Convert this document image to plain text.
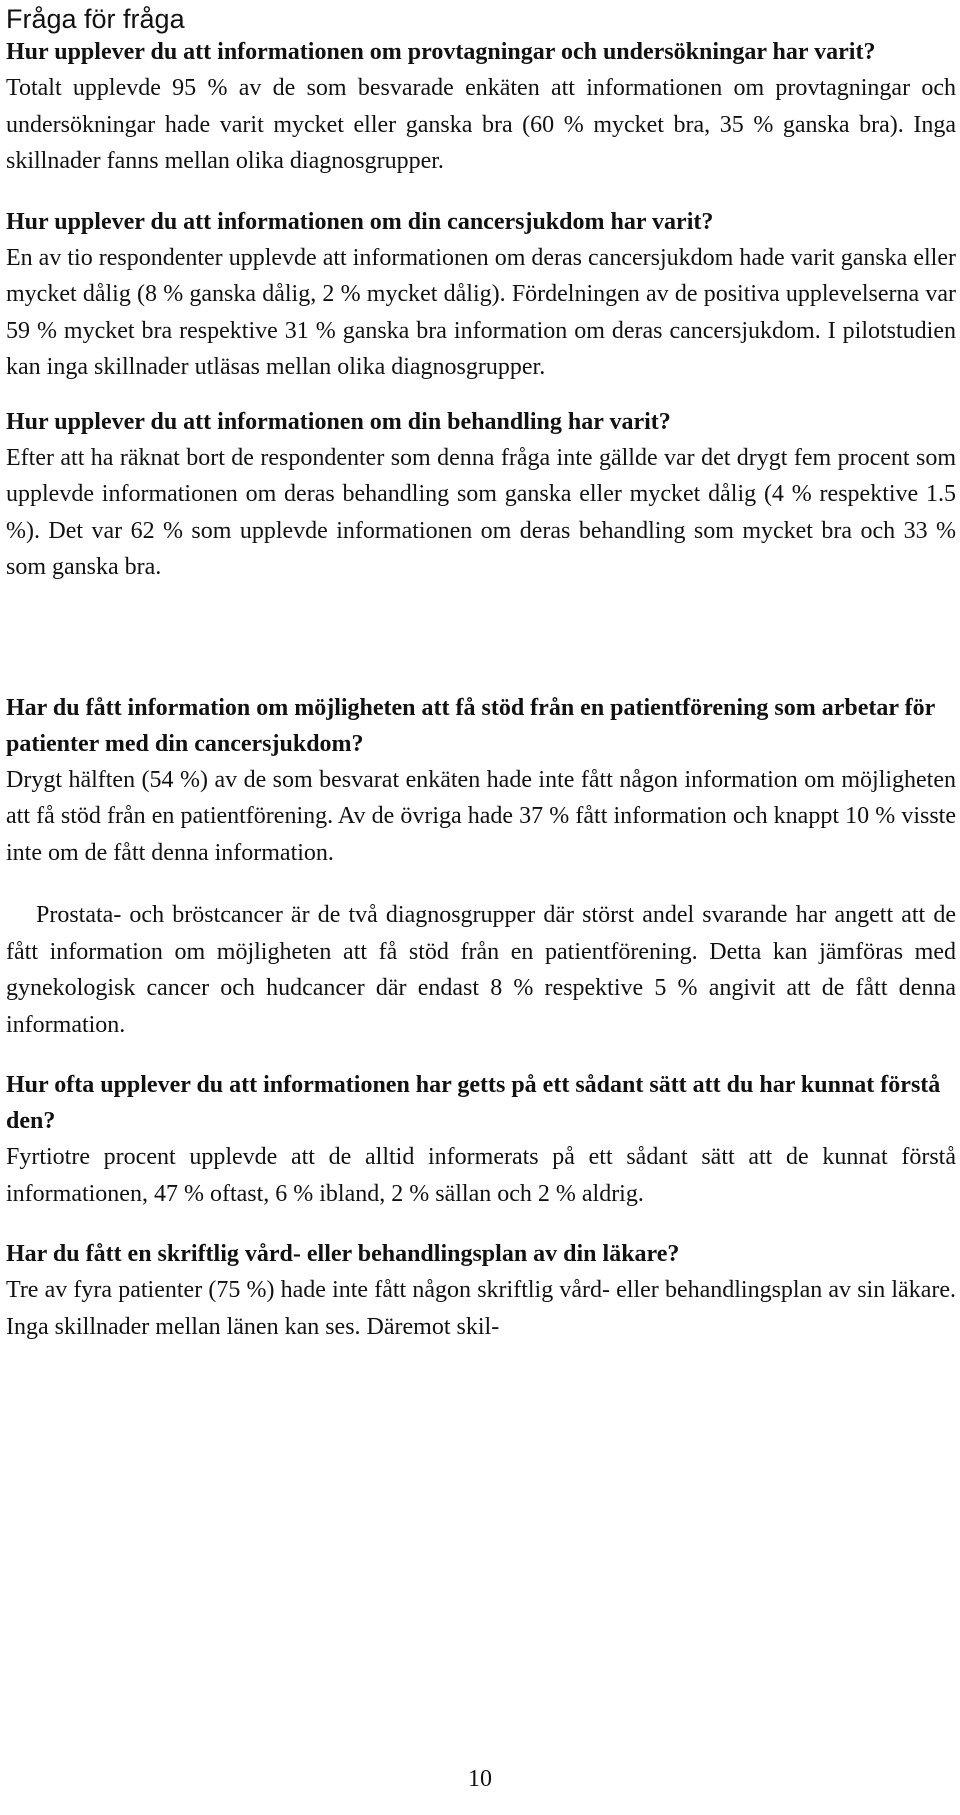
Fråga för fråga

Hur upplever du att informationen om provtagningar och undersökningar har varit?

Totalt upplevde 95 % av de som besvarade enkäten att informationen om provtagningar och undersökningar hade varit mycket eller ganska bra (60 % mycket bra, 35 % ganska bra). Inga skillnader fanns mellan olika diagnosgrupper.

Hur upplever du att informationen om din cancersjukdom har varit?

En av tio respondenter upplevde att informationen om deras cancersjukdom hade varit ganska eller mycket dålig (8 % ganska dålig, 2 % mycket dålig). Fördelningen av de positiva upplevelserna var 59 % mycket bra respektive 31 % ganska bra information om deras cancersjukdom. I pilotstudien kan inga skillnader utläsas mellan olika diagnosgrupper.

Hur upplever du att informationen om din behandling har varit?

Efter att ha räknat bort de respondenter som denna fråga inte gällde var det drygt fem procent som upplevde informationen om deras behandling som ganska eller mycket dålig (4 % respektive 1.5 %). Det var 62 % som upplevde informationen om deras behandling som mycket bra och 33 % som ganska bra.

Har du fått information om möjligheten att få stöd från en patientförening som arbetar för patienter med din cancersjukdom?

Drygt hälften (54 %) av de som besvarat enkäten hade inte fått någon information om möjligheten att få stöd från en patientförening. Av de övriga hade 37 % fått information och knappt 10 % visste inte om de fått denna information.

Prostata- och bröstcancer är de två diagnosgrupper där störst andel svarande har angett att de fått information om möjligheten att få stöd från en patientförening. Detta kan jämföras med gynekologisk cancer och hudcancer där endast 8 % respektive 5 % angivit att de fått denna information.

Hur ofta upplever du att informationen har getts på ett sådant sätt att du har kunnat förstå den?

Fyrtiotre procent upplevde att de alltid informerats på ett sådant sätt att de kunnat förstå informationen, 47 % oftast, 6 % ibland, 2 % sällan och 2 % aldrig.

Har du fått en skriftlig vård- eller behandlingsplan av din läkare?

Tre av fyra patienter (75 %) hade inte fått någon skriftlig vård- eller behandlingsplan av sin läkare. Inga skillnader mellan länen kan ses. Däremot skil-

10
